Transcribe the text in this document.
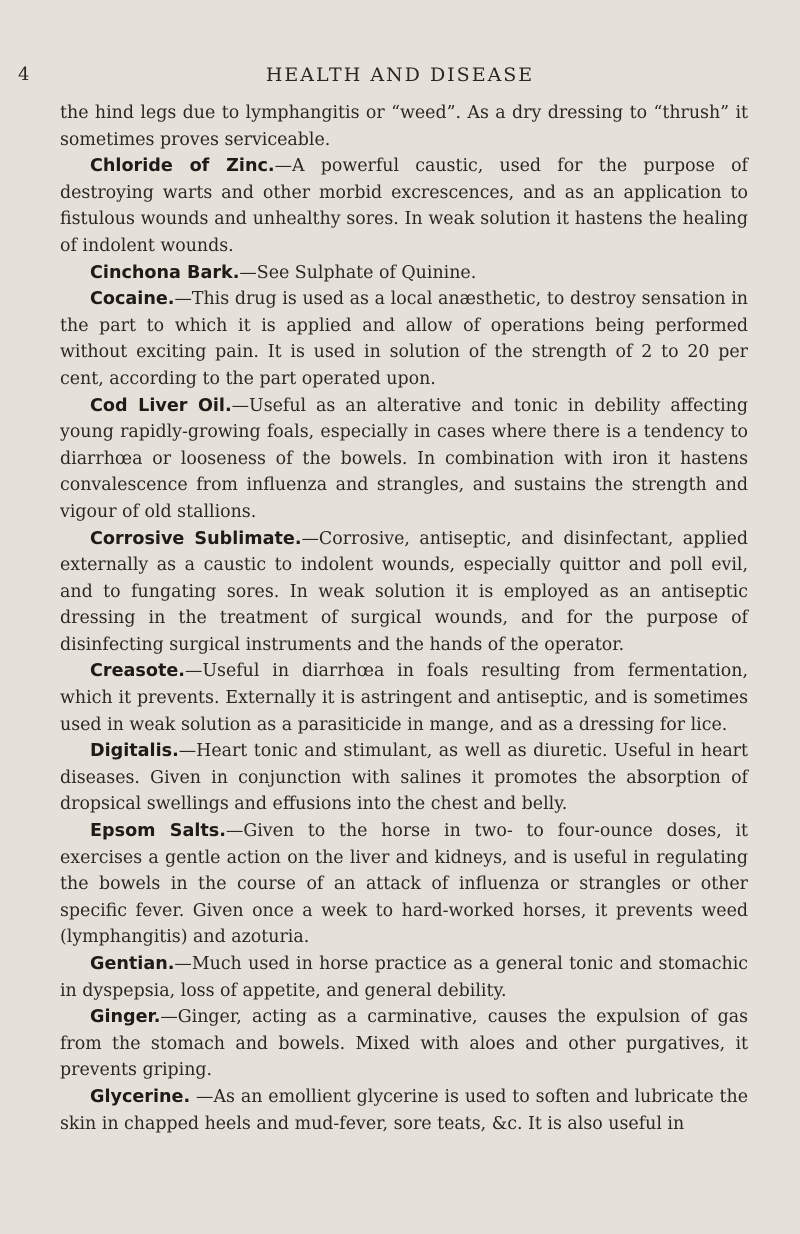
4	HEALTH AND DISEASE

the hind legs due to lymphangitis or “weed”. As a dry dressing to “thrush” it sometimes proves serviceable.

Chloride of Zinc.—A powerful caustic, used for the purpose of destroying warts and other morbid excrescences, and as an application to fistulous wounds and unhealthy sores. In weak solution it hastens the healing of indolent wounds.

Cinchona Bark.—See Sulphate of Quinine.

Cocaine.—This drug is used as a local anæsthetic, to destroy sensation in the part to which it is applied and allow of operations being performed without exciting pain. It is used in solution of the strength of 2 to 20 per cent, according to the part operated upon.

Cod Liver Oil.—Useful as an alterative and tonic in debility affecting young rapidly-growing foals, especially in cases where there is a tendency to diarrhœa or looseness of the bowels. In combination with iron it hastens convalescence from influenza and strangles, and sustains the strength and vigour of old stallions.

Corrosive Sublimate.—Corrosive, antiseptic, and disinfectant, applied externally as a caustic to indolent wounds, especially quittor and poll evil, and to fungating sores. In weak solution it is employed as an antiseptic dressing in the treatment of surgical wounds, and for the purpose of disinfecting surgical instruments and the hands of the operator.

Creasote.—Useful in diarrhœa in foals resulting from fermentation, which it prevents. Externally it is astringent and antiseptic, and is sometimes used in weak solution as a parasiticide in mange, and as a dressing for lice.

Digitalis.—Heart tonic and stimulant, as well as diuretic. Useful in heart diseases. Given in conjunction with salines it promotes the absorption of dropsical swellings and effusions into the chest and belly.

Epsom Salts.—Given to the horse in two- to four-ounce doses, it exercises a gentle action on the liver and kidneys, and is useful in regulating the bowels in the course of an attack of influenza or strangles or other specific fever. Given once a week to hard-worked horses, it prevents weed (lymphangitis) and azoturia.

Gentian.—Much used in horse practice as a general tonic and stomachic in dyspepsia, loss of appetite, and general debility.

Ginger.—Ginger, acting as a carminative, causes the expulsion of gas from the stomach and bowels. Mixed with aloes and other purgatives, it prevents griping.

Glycerine. —As an emollient glycerine is used to soften and lubricate the skin in chapped heels and mud-fever, sore teats, &c. It is also useful in
